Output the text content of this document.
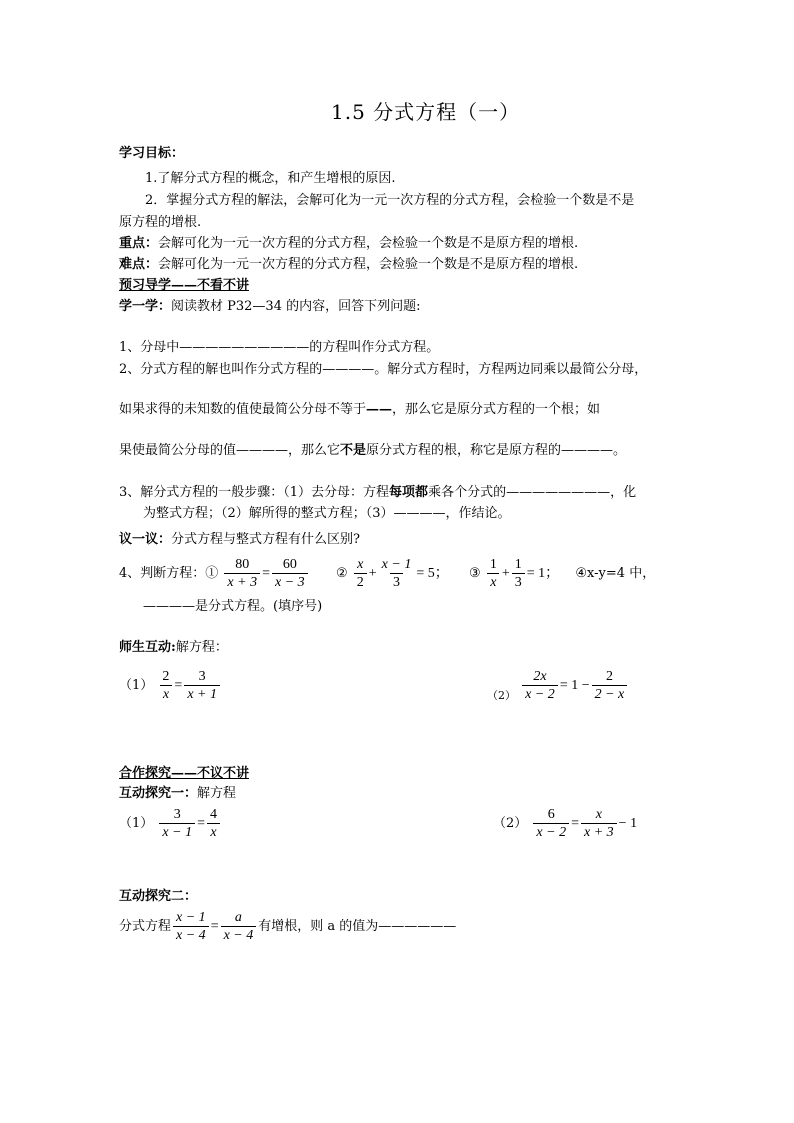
1.5 分式方程（一）
学习目标：
1.了解分式方程的概念，和产生增根的原因.
2．掌握分式方程的解法，会解可化为一元一次方程的分式方程，会检验一个数是不是
原方程的增根.
重点：会解可化为一元一次方程的分式方程，会检验一个数是不是原方程的增根.
难点：会解可化为一元一次方程的分式方程，会检验一个数是不是原方程的增根.
预习导学——不看不讲
学一学：阅读教材 P32—34 的内容，回答下列问题:
1、分母中——————————的方程叫作分式方程。
2、分式方程的解也叫作分式方程的————。解分式方程时，方程两边同乘以最简公分母，
如果求得的未知数的值使最简公分母不等于——，那么它是原分式方程的一个根；如
果使最简公分母的值————，那么它不是原分式方程的根，称它是原方程的————。
3、解分式方程的一般步骤：（1）去分母：方程每项都乘各个分式的————————，化
为整式方程；（2）解所得的整式方程；（3）————，作结论。
议一议：分式方程与整式方程有什么区别?
4、判断方程：① $\frac{80}{x + 3} = \frac{60}{x - 3}$ ② $\frac{x}{2} + \frac{x - 1}{3} = 5$； ③ $\frac{1}{x} + \frac{1}{3} = 1$； ④x-y=4 中，
————是分式方程。(填序号)
师生互动:解方程：
$(1) \frac{2}{x} = \frac{3}{x + 1}$	$_{(2)} \frac{2x}{x - 2} = 1 - \frac{2}{2 - x}$
合作探究——不议不讲
互动探究一：解方程
$(1) \frac{3}{x - 1} = \frac{4}{x}$	$(2) \frac{6}{x - 2} = \frac{x}{x + 3} - 1$
互动探究二：
分式方程 $\frac{x - 1}{x - 4} = \frac{a}{x - 4}$ 有增根，则 a 的值为——————
